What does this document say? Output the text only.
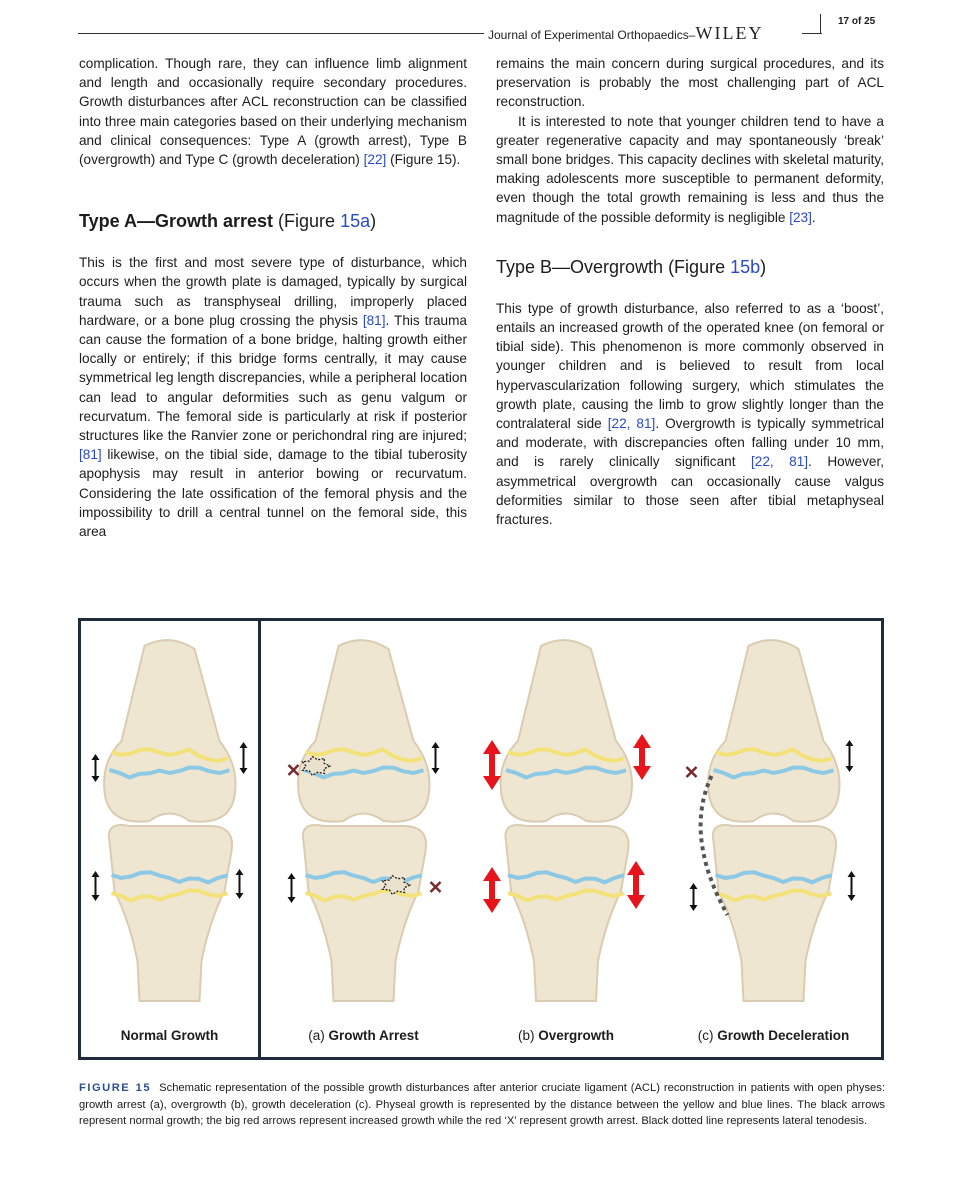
Journal of Experimental Orthopaedics–WILEY
17 of 25

complication. Though rare, they can influence limb alignment and length and occasionally require secondary procedures. Growth disturbances after ACL reconstruction can be classified into three main categories based on their underlying mechanism and clinical consequences: Type A (growth arrest), Type B (overgrowth) and Type C (growth deceleration) [22] (Figure 15).

Type A—Growth arrest (Figure 15a)

This is the first and most severe type of disturbance, which occurs when the growth plate is damaged, typically by surgical trauma such as transphyseal drilling, improperly placed hardware, or a bone plug crossing the physis [81]. This trauma can cause the formation of a bone bridge, halting growth either locally or entirely; if this bridge forms centrally, it may cause symmetrical leg length discrepancies, while a peripheral location can lead to angular deformities such as genu valgum or recurvatum. The femoral side is particularly at risk if posterior structures like the Ranvier zone or perichondral ring are injured; [81] likewise, on the tibial side, damage to the tibial tuberosity apophysis may result in anterior bowing or recurvatum. Considering the late ossification of the femoral physis and the impossibility to drill a central tunnel on the femoral side, this area

remains the main concern during surgical procedures, and its preservation is probably the most challenging part of ACL reconstruction.

It is interested to note that younger children tend to have a greater regenerative capacity and may spontaneously ‘break’ small bone bridges. This capacity declines with skeletal maturity, making adolescents more susceptible to permanent deformity, even though the total growth remaining is less and thus the magnitude of the possible deformity is negligible [23].

Type B—Overgrowth (Figure 15b)

This type of growth disturbance, also referred to as a ‘boost’, entails an increased growth of the operated knee (on femoral or tibial side). This phenomenon is more commonly observed in younger children and is believed to result from local hypervascularization following surgery, which stimulates the growth plate, causing the limb to grow slightly longer than the contralateral side [22, 81]. Overgrowth is typically symmetrical and moderate, with discrepancies often falling under 10 mm, and is rarely clinically significant [22, 81]. However, asymmetrical overgrowth can occasionally cause valgus deformities similar to those seen after tibial metaphyseal fractures.

Normal Growth	(a) Growth Arrest	(b) Overgrowth	(c) Growth Deceleration
FIGURE 15 Schematic representation of the possible growth disturbances after anterior cruciate ligament (ACL) reconstruction in patients with open physes: growth arrest (a), overgrowth (b), growth deceleration (c). Physeal growth is represented by the distance between the yellow and blue lines. The black arrows represent normal growth; the big red arrows represent increased growth while the red ‘X’ represent growth arrest. Black dotted line represents lateral tenodesis.
